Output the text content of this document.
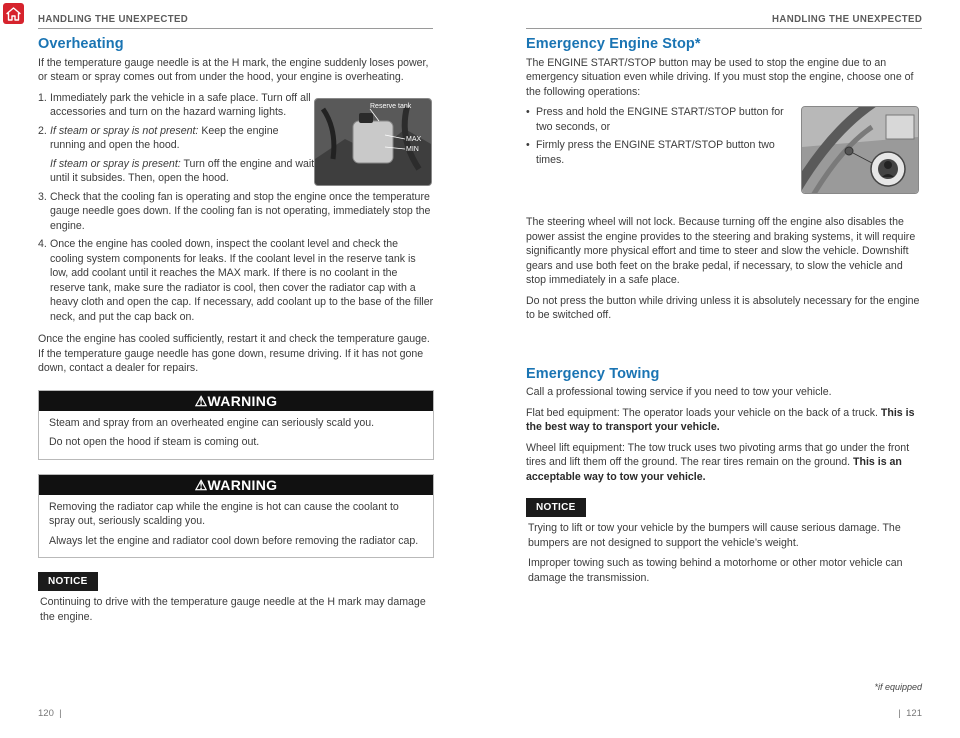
HANDLING THE UNEXPECTED
Overheating

If the temperature gauge needle is at the H mark, the engine suddenly loses power, or steam or spray comes out from under the hood, your engine is overheating.

1. Immediately park the vehicle in a safe place. Turn off all accessories and turn on the hazard warning lights.
2. If steam or spray is not present: Keep the engine running and open the hood.
If steam or spray is present: Turn off the engine and wait until it subsides. Then, open the hood.
3. Check that the cooling fan is operating and stop the engine once the temperature gauge needle goes down. If the cooling fan is not operating, immediately stop the engine.
4. Once the engine has cooled down, inspect the coolant level and check the cooling system components for leaks. If the coolant level in the reserve tank is low, add coolant until it reaches the MAX mark. If there is no coolant in the reserve tank, make sure the radiator is cool, then cover the radiator cap with a heavy cloth and open the cap. If necessary, add coolant up to the base of the filler neck, and put the cap back on.

Once the engine has cooled sufficiently, restart it and check the temperature gauge. If the temperature gauge needle has gone down, resume driving. If it has not gone down, contact a dealer for repairs.

⚠WARNING

Steam and spray from an overheated engine can seriously scald you.

Do not open the hood if steam is coming out.

⚠WARNING

Removing the radiator cap while the engine is hot can cause the coolant to spray out, seriously scalding you.

Always let the engine and radiator cool down before removing the radiator cap.

NOTICE
Continuing to drive with the temperature gauge needle at the H mark may damage the engine.
Reserve tank
MAX
MIN
120  |
HANDLING THE UNEXPECTED
Emergency Engine Stop*

The ENGINE START/STOP button may be used to stop the engine due to an emergency situation even while driving. If you must stop the engine, choose one of the following operations:

• Press and hold the ENGINE START/STOP button for two seconds, or
• Firmly press the ENGINE START/STOP button two times.

The steering wheel will not lock. Because turning off the engine also disables the power assist the engine provides to the steering and braking systems, it will require significantly more physical effort and time to steer and slow the vehicle. Downshift gears and use both feet on the brake pedal, if necessary, to slow the vehicle and stop immediately in a safe place.

Do not press the button while driving unless it is absolutely necessary for the engine to be switched off.

Emergency Towing

Call a professional towing service if you need to tow your vehicle.

Flat bed equipment: The operator loads your vehicle on the back of a truck. This is the best way to transport your vehicle.

Wheel lift equipment: The tow truck uses two pivoting arms that go under the front tires and lift them off the ground. The rear tires remain on the ground. This is an acceptable way to tow your vehicle.

NOTICE

Trying to lift or tow your vehicle by the bumpers will cause serious damage. The bumpers are not designed to support the vehicle’s weight.

Improper towing such as towing behind a motorhome or other motor vehicle can damage the transmission.

*if equipped
|  121
